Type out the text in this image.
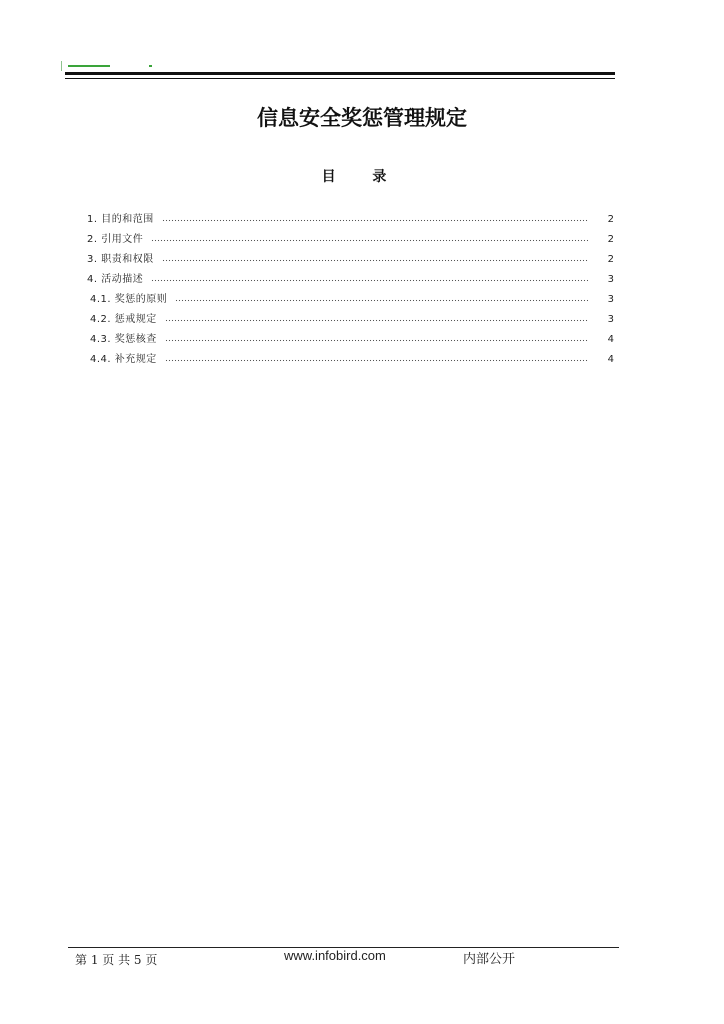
信息安全奖惩管理规定
目 录
1. 目的和范围	2
2. 引用文件	2
3. 职责和权限	2
4. 活动描述	3
4.1. 奖惩的原则	3
4.2. 惩戒规定	3
4.3. 奖惩核查	4
4.4. 补充规定	4
第 1 页 共 5 页	www.infobird.com	内部公开
